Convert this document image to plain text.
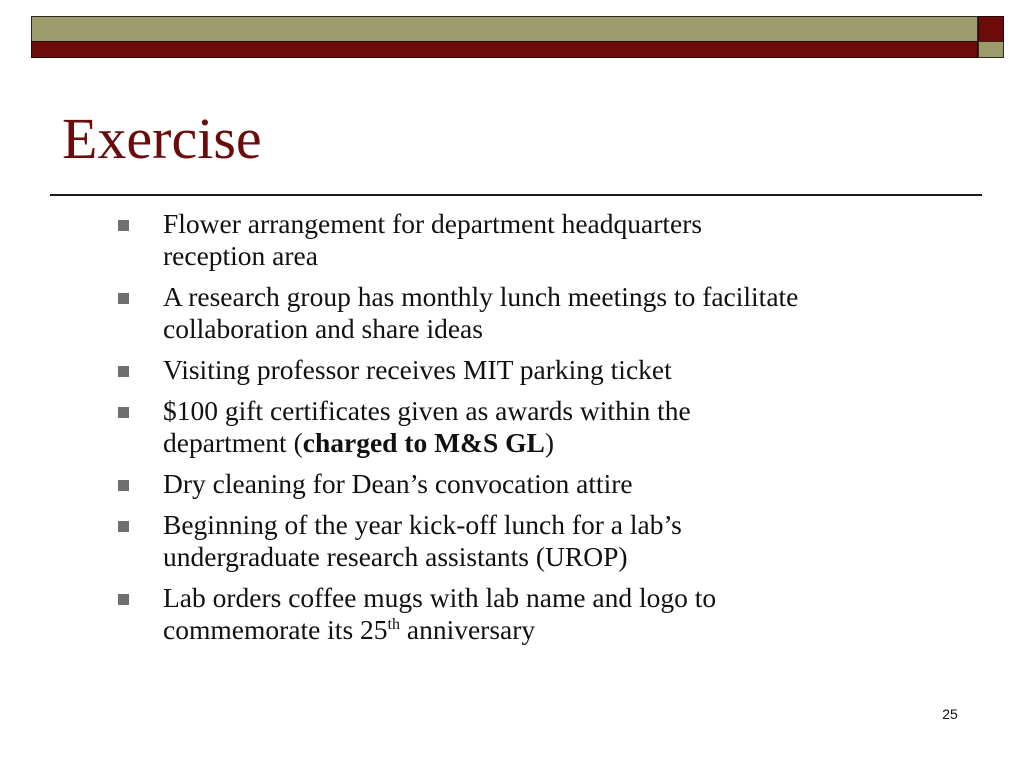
Exercise
Flower arrangement for department headquarters
reception area
A research group has monthly lunch meetings to facilitate
collaboration and share ideas
Visiting professor receives MIT parking ticket
$100 gift certificates given as awards within the
department (charged to M&S GL)
Dry cleaning for Dean’s convocation attire
Beginning of the year kick-off lunch for a lab’s
undergraduate research assistants (UROP)
Lab orders coffee mugs with lab name and logo to
commemorate its 25th anniversary
25
